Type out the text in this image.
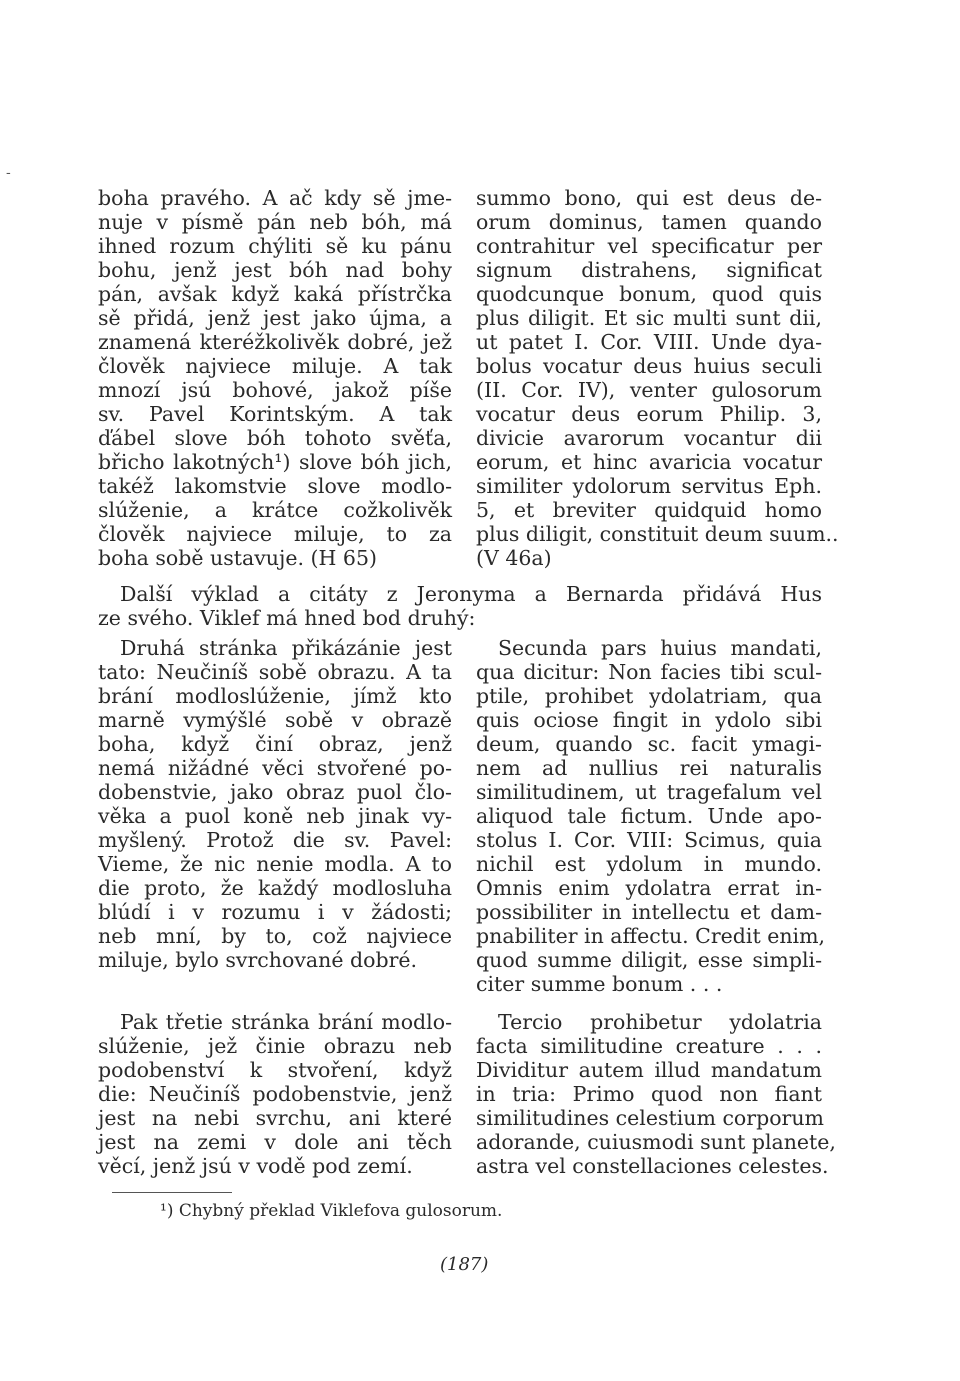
-
boha pravého. A ač kdy sě jme-
nuje v písmě pán neb bóh, má
ihned rozum chýliti sě ku pánu
bohu, jenž jest bóh nad bohy
pán, avšak když kaká přístrčka
sě přidá, jenž jest jako újma, a
znamená kteréžkolivěk dobré, jež
člověk najviece miluje. A tak
mnozí jsú bohové, jakož píše
sv. Pavel Korintským. A tak
ďábel slove bóh tohoto svěťa,
břicho lakotných¹) slove bóh jich,
takéž lakomstvie slove modlo-
slúženie, a krátce cožkolivěk
člověk najviece miluje, to za
boha sobě ustavuje. (H 65)
summo bono, qui est deus de-
orum dominus, tamen quando
contrahitur vel specificatur per
signum distrahens, significat
quodcunque bonum, quod quis
plus diligit. Et sic multi sunt dii,
ut patet I. Cor. VIII. Unde dya-
bolus vocatur deus huius seculi
(II. Cor. IV), venter gulosorum
vocatur deus eorum Philip. 3,
divicie avarorum vocantur dii
eorum, et hinc avaricia vocatur
similiter ydolorum servitus Eph.
5, et breviter quidquid homo
plus diligit, constituit deum suum..
(V 46a)
Další výklad a citáty z Jeronyma a Bernarda přidává Hus
ze svého. Viklef má hned bod druhý:
Druhá stránka přikázánie jest
tato: Neučiníš sobě obrazu. A ta
brání modloslúženie, jímž kto
marně vymýšlé sobě v obrazě
boha, když činí obraz, jenž
nemá nižádné věci stvořené po-
dobenstvie, jako obraz puol člo-
věka a puol koně neb jinak vy-
myšlený. Protož die sv. Pavel:
Vieme, že nic nenie modla. A to
die proto, že každý modlosluha
blúdí i v rozumu i v žádosti;
neb mní, by to, což najviece
miluje, bylo svrchované dobré.
Secunda pars huius mandati,
qua dicitur: Non facies tibi scul-
ptile, prohibet ydolatriam, qua
quis ociose fingit in ydolo sibi
deum, quando sc. facit ymagi-
nem ad nullius rei naturalis
similitudinem, ut tragefalum vel
aliquod tale fictum. Unde apo-
stolus I. Cor. VIII: Scimus, quia
nichil est ydolum in mundo.
Omnis enim ydolatra errat in-
possibiliter in intellectu et dam-
pnabiliter in affectu. Credit enim,
quod summe diligit, esse simpli-
citer summe bonum . . .
Pak třetie stránka brání modlo-
slúženie, jež činie obrazu neb
podobenství k stvoření, když
die: Neučiníš podobenstvie, jenž
jest na nebi svrchu, ani které
jest na zemi v dole ani těch
věcí, jenž jsú v vodě pod zemí.
Tercio prohibetur ydolatria
facta similitudine creature . . .
Dividitur autem illud mandatum
in tria: Primo quod non fiant
similitudines celestium corporum
adorande, cuiusmodi sunt planete,
astra vel constellaciones celestes.
¹) Chybný překlad Viklefova gulosorum.
(187)
